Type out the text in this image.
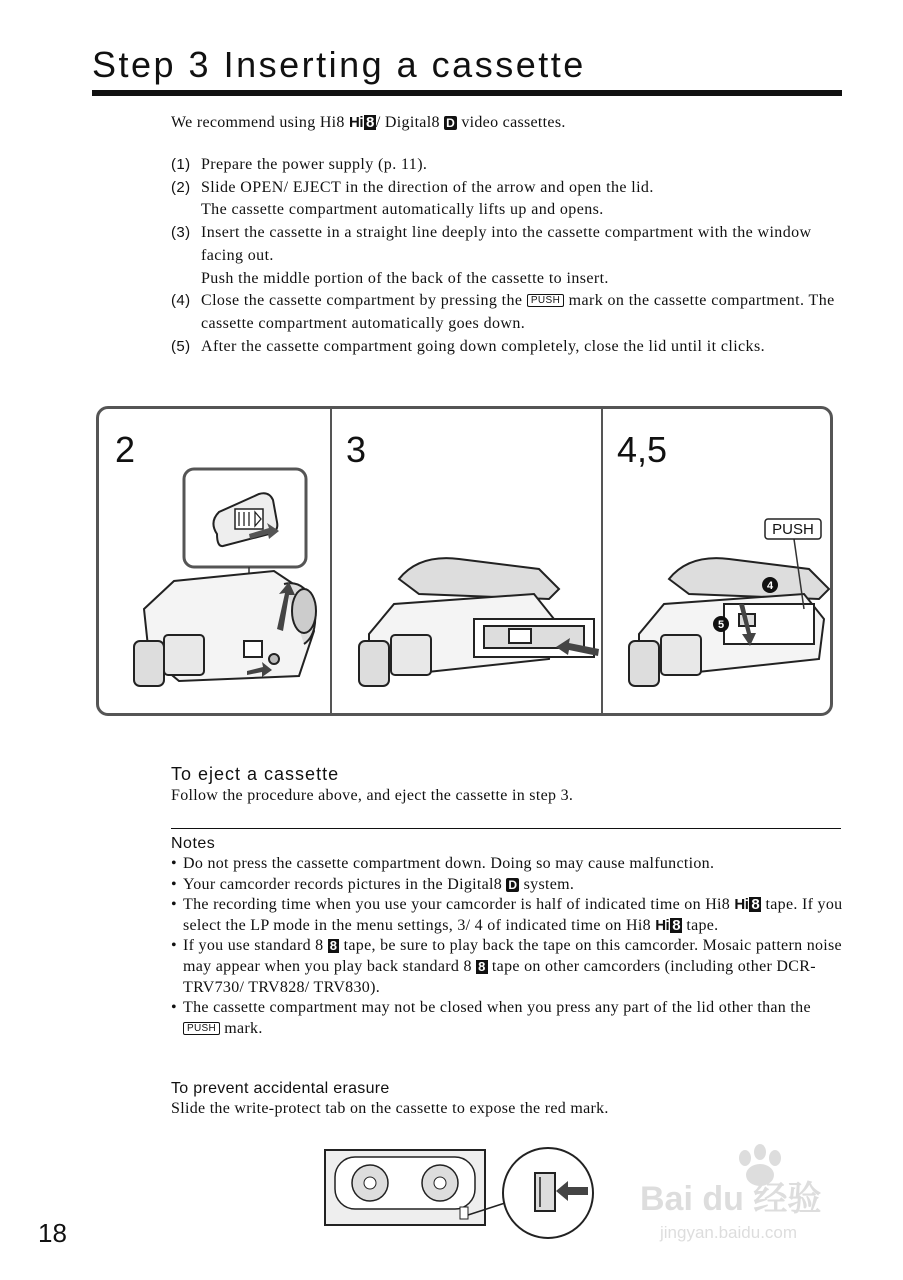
Step 3 Inserting a cassette
We recommend using Hi8 Hi 8 / Digital8 D video cassettes.
(1) Prepare the power supply (p. 11).
(2) Slide OPEN/ EJECT in the direction of the arrow and open the lid.
The cassette compartment automatically lifts up and opens.
(3) Insert the cassette in a straight line deeply into the cassette compartment with the window facing out.
Push the middle portion of the back of the cassette to insert.
(4) Close the cassette compartment by pressing the PUSH mark on the cassette compartment. The cassette compartment automatically goes down.
(5) After the cassette compartment going down completely, close the lid until it clicks.
2	3	4,5
PUSH
4
5
To eject a cassette
Follow the procedure above, and eject the cassette in step 3.
Notes
• Do not press the cassette compartment down. Doing so may cause malfunction.
• Your camcorder records pictures in the Digital8 D system.
• The recording time when you use your camcorder is half of indicated time on Hi8 Hi 8 tape. If you select the LP mode in the menu settings, 3/ 4 of indicated time on Hi8 Hi 8 tape.
• If you use standard 8 8 tape, be sure to play back the tape on this camcorder. Mosaic pattern noise may appear when you play back standard 8 8 tape on other camcorders (including other DCR-TRV730/ TRV828/ TRV830).
• The cassette compartment may not be closed when you press any part of the lid other than the PUSH mark.
To prevent accidental erasure
Slide the write-protect tab on the cassette to expose the red mark.
Bai du 经验
jingyan.baidu.com
18
